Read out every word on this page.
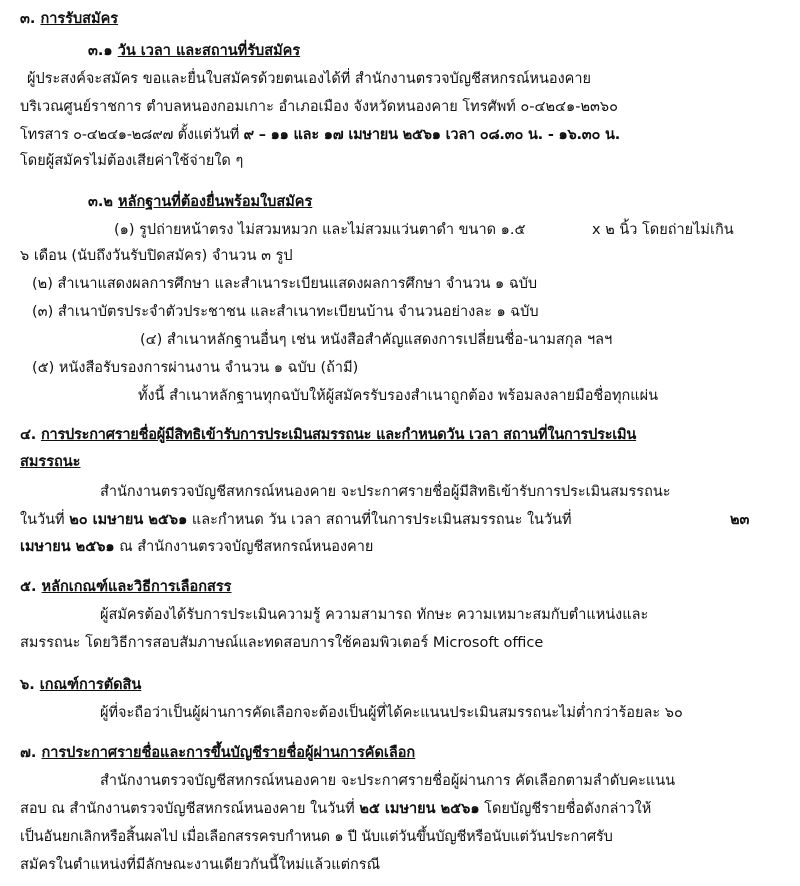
๓. การรับสมัคร
๓.๑ วัน เวลา และสถานที่รับสมัคร
ผู้ประสงค์จะสมัคร ขอและยื่นใบสมัครด้วยตนเองได้ที่ สำนักงานตรวจบัญชีสหกรณ์หนองคาย
บริเวณศูนย์ราชการ ตำบลหนองกอมเกาะ อำเภอเมือง จังหวัดหนองคาย โทรศัพท์ ๐-๔๒๔๑-๒๓๖๐
โทรสาร ๐-๔๒๔๑-๒๘๙๗ ตั้งแต่วันที่ ๙ – ๑๑ และ ๑๗ เมษายน ๒๕๖๑ เวลา ๐๘.๓๐ น. - ๑๖.๓๐ น.
โดยผู้สมัครไม่ต้องเสียค่าใช้จ่ายใด ๆ
๓.๒ หลักฐานที่ต้องยื่นพร้อมใบสมัคร
(๑) รูปถ่ายหน้าตรง ไม่สวมหมวก และไม่สวมแว่นตาดำ ขนาด ๑.๕	x ๒ นิ้ว โดยถ่ายไม่เกิน
๖ เดือน (นับถึงวันรับปิดสมัคร) จำนวน ๓ รูป
(๒) สำเนาแสดงผลการศึกษา และสำเนาระเบียนแสดงผลการศึกษา จำนวน ๑ ฉบับ
(๓) สำเนาบัตรประจำตัวประชาชน และสำเนาทะเบียนบ้าน จำนวนอย่างละ ๑ ฉบับ
(๔) สำเนาหลักฐานอื่นๆ เช่น หนังสือสำคัญแสดงการเปลี่ยนชื่อ-นามสกุล ฯลฯ
(๕) หนังสือรับรองการผ่านงาน จำนวน ๑ ฉบับ (ถ้ามี)
ทั้งนี้ สำเนาหลักฐานทุกฉบับให้ผู้สมัครรับรองสำเนาถูกต้อง พร้อมลงลายมือชื่อทุกแผ่น
๔. การประกาศรายชื่อผู้มีสิทธิเข้ารับการประเมินสมรรถนะ และกำหนดวัน เวลา สถานที่ในการประเมิน
สมรรถนะ
สำนักงานตรวจบัญชีสหกรณ์หนองคาย จะประกาศรายชื่อผู้มีสิทธิเข้ารับการประเมินสมรรถนะ
ในวันที่ ๒๐ เมษายน ๒๕๖๑ และกำหนด วัน เวลา สถานที่ในการประเมินสมรรถนะ ในวันที่	๒๓
เมษายน ๒๕๖๑ ณ สำนักงานตรวจบัญชีสหกรณ์หนองคาย
๕. หลักเกณฑ์และวิธีการเลือกสรร
ผู้สมัครต้องได้รับการประเมินความรู้ ความสามารถ ทักษะ ความเหมาะสมกับตำแหน่งและ
สมรรถนะ โดยวิธีการสอบสัมภาษณ์และทดสอบการใช้คอมพิวเตอร์ Microsoft office
๖. เกณฑ์การตัดสิน
ผู้ที่จะถือว่าเป็นผู้ผ่านการคัดเลือกจะต้องเป็นผู้ที่ได้คะแนนประเมินสมรรถนะไม่ต่ำกว่าร้อยละ ๖๐
๗. การประกาศรายชื่อและการขึ้นบัญชีรายชื่อผู้ผ่านการคัดเลือก
สำนักงานตรวจบัญชีสหกรณ์หนองคาย จะประกาศรายชื่อผู้ผ่านการ คัดเลือกตามลำดับคะแนน
สอบ ณ สำนักงานตรวจบัญชีสหกรณ์หนองคาย ในวันที่ ๒๕ เมษายน ๒๕๖๑ โดยบัญชีรายชื่อดังกล่าวให้
เป็นอันยกเลิกหรือสิ้นผลไป เมื่อเลือกสรรครบกำหนด ๑ ปี นับแต่วันขึ้นบัญชีหรือนับแต่วันประกาศรับ
สมัครในตำแหน่งที่มีลักษณะงานเดียวกันนี้ใหม่แล้วแต่กรณี
